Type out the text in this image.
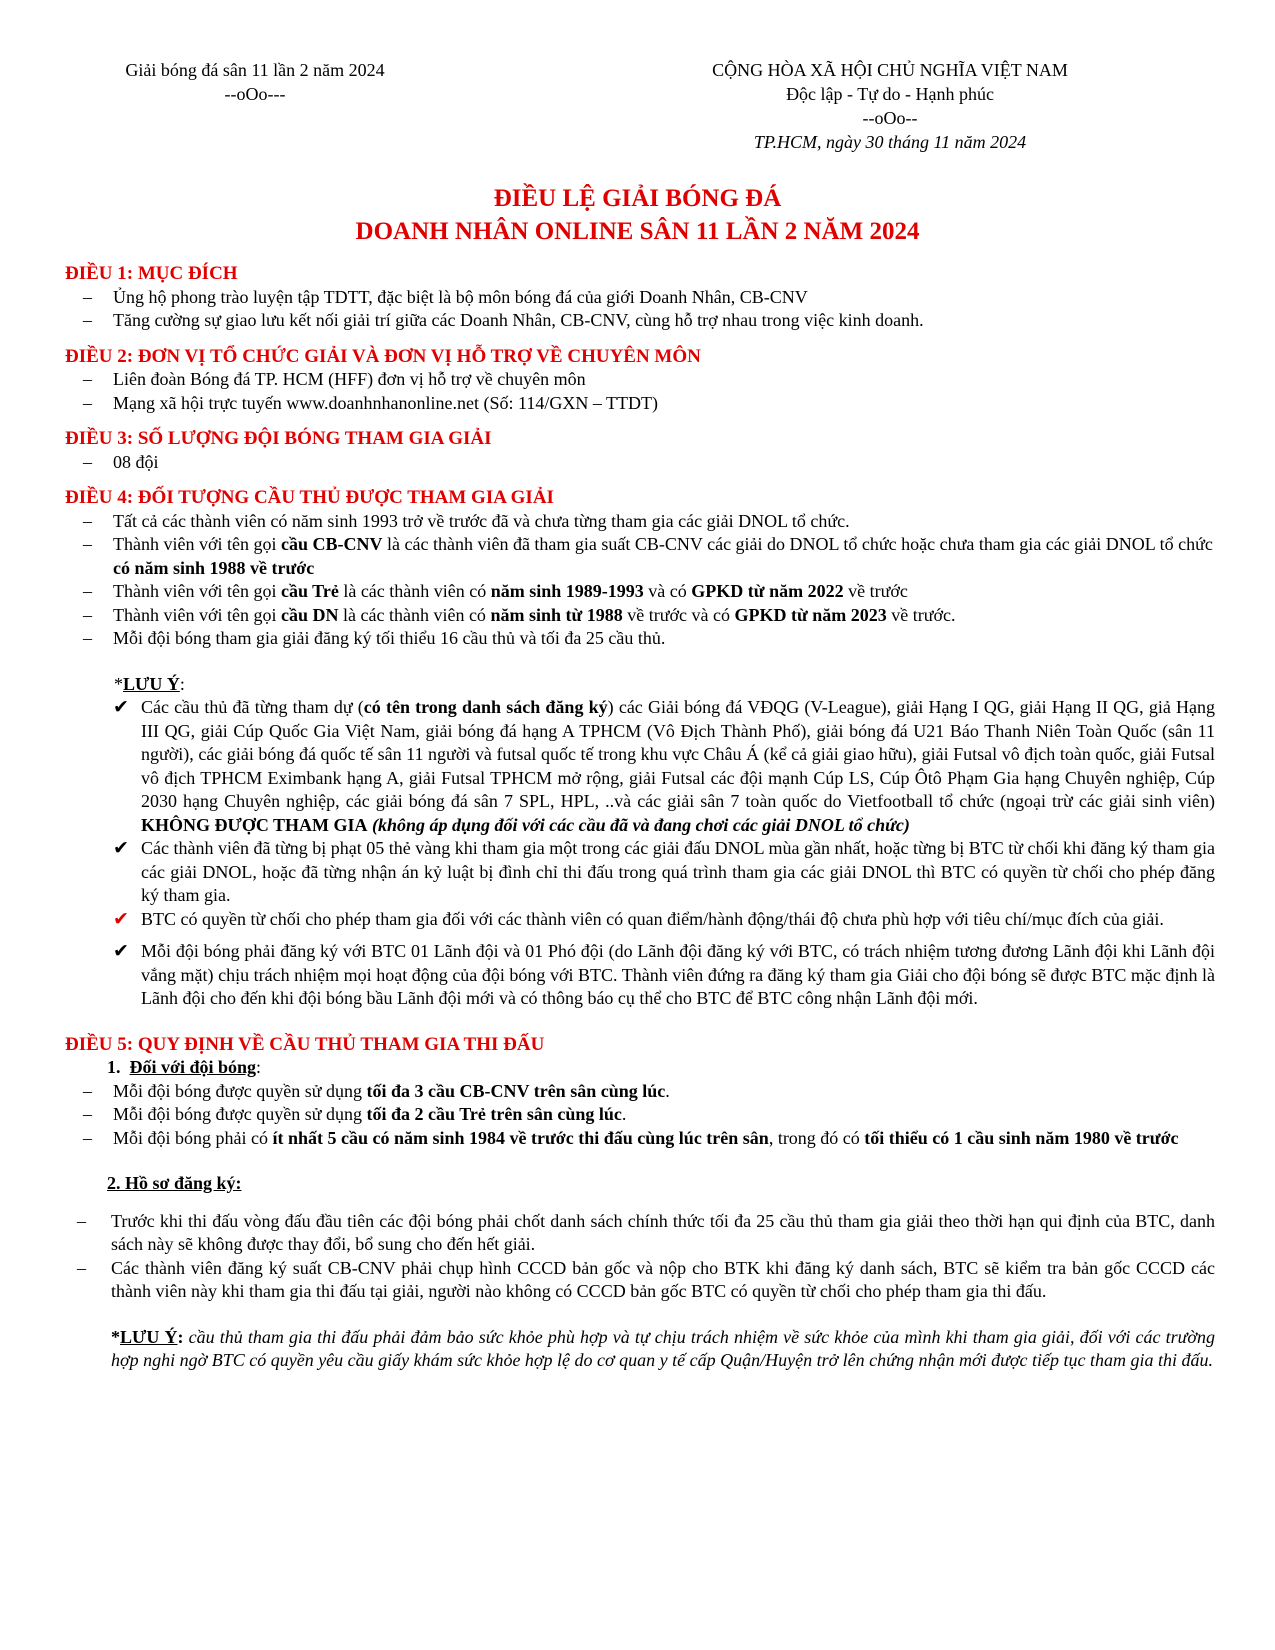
Giải bóng đá sân 11 lần 2 năm 2024
--oOo---
CỘNG HÒA XÃ HỘI CHỦ NGHĨA VIỆT NAM
Độc lập - Tự do - Hạnh phúc
--oOo--
TP.HCM, ngày 30 tháng 11 năm 2024
ĐIỀU LỆ GIẢI BÓNG ĐÁ
DOANH NHÂN ONLINE SÂN 11 LẦN 2 NĂM 2024
ĐIỀU 1: MỤC ĐÍCH
– Ủng hộ phong trào luyện tập TDTT, đặc biệt là bộ môn bóng đá của giới Doanh Nhân, CB-CNV
– Tăng cường sự giao lưu kết nối giải trí giữa các Doanh Nhân, CB-CNV, cùng hỗ trợ nhau trong việc kinh doanh.
ĐIỀU 2: ĐƠN VỊ TỔ CHỨC GIẢI VÀ ĐƠN VỊ HỖ TRỢ VỀ CHUYÊN MÔN
– Liên đoàn Bóng đá TP. HCM (HFF) đơn vị hỗ trợ về chuyên môn
– Mạng xã hội trực tuyến www.doanhnhanonline.net (Số: 114/GXN – TTDT)
ĐIỀU 3: SỐ LƯỢNG ĐỘI BÓNG THAM GIA GIẢI
– 08 đội
ĐIỀU 4: ĐỐI TƯỢNG CẦU THỦ ĐƯỢC THAM GIA GIẢI
– Tất cả các thành viên có năm sinh 1993 trở về trước đã và chưa từng tham gia các giải DNOL tổ chức.
– Thành viên với tên gọi cầu CB-CNV là các thành viên đã tham gia suất CB-CNV các giải do DNOL tổ chức hoặc chưa tham gia các giải DNOL tổ chức có năm sinh 1988 về trước
– Thành viên với tên gọi cầu Trẻ là các thành viên có năm sinh 1989-1993 và có GPKD từ năm 2022 về trước
– Thành viên với tên gọi cầu DN là các thành viên có năm sinh từ 1988 về trước và có GPKD từ năm 2023 về trước.
– Mỗi đội bóng tham gia giải đăng ký tối thiểu 16 cầu thủ và tối đa 25 cầu thủ.
*LƯU Ý:
✔ Các cầu thủ đã từng tham dự (có tên trong danh sách đăng ký) các Giải bóng đá VĐQG (V-League), giải Hạng I QG, giải Hạng II QG, giả Hạng III QG, giải Cúp Quốc Gia Việt Nam, giải bóng đá hạng A TPHCM (Vô Địch Thành Phố), giải bóng đá U21 Báo Thanh Niên Toàn Quốc (sân 11 người), các giải bóng đá quốc tế sân 11 người và futsal quốc tế trong khu vực Châu Á (kể cả giải giao hữu), giải Futsal vô địch toàn quốc, giải Futsal vô địch TPHCM Eximbank hạng A, giải Futsal TPHCM mở rộng, giải Futsal các đội mạnh Cúp LS, Cúp Ôtô Phạm Gia hạng Chuyên nghiệp, Cúp 2030 hạng Chuyên nghiệp, các giải bóng đá sân 7 SPL, HPL, ..và các giải sân 7 toàn quốc do Vietfootball tổ chức (ngoại trừ các giải sinh viên) KHÔNG ĐƯỢC THAM GIA (không áp dụng đối với các cầu đã và đang chơi các giải DNOL tổ chức)
✔ Các thành viên đã từng bị phạt 05 thẻ vàng khi tham gia một trong các giải đấu DNOL mùa gần nhất, hoặc từng bị BTC từ chối khi đăng ký tham gia các giải DNOL, hoặc đã từng nhận án kỷ luật bị đình chỉ thi đấu trong quá trình tham gia các giải DNOL thì BTC có quyền từ chối cho phép đăng ký tham gia.
✔ BTC có quyền từ chối cho phép tham gia đối với các thành viên có quan điểm/hành động/thái độ chưa phù hợp với tiêu chí/mục đích của giải.
✔ Mỗi đội bóng phải đăng ký với BTC 01 Lãnh đội và 01 Phó đội (do Lãnh đội đăng ký với BTC, có trách nhiệm tương đương Lãnh đội khi Lãnh đội vắng mặt) chịu trách nhiệm mọi hoạt động của đội bóng với BTC. Thành viên đứng ra đăng ký tham gia Giải cho đội bóng sẽ được BTC mặc định là Lãnh đội cho đến khi đội bóng bầu Lãnh đội mới và có thông báo cụ thể cho BTC để BTC công nhận Lãnh đội mới.
ĐIỀU 5: QUY ĐỊNH VỀ CẦU THỦ THAM GIA THI ĐẤU
1. Đối với đội bóng:
– Mỗi đội bóng được quyền sử dụng tối đa 3 cầu CB-CNV trên sân cùng lúc.
– Mỗi đội bóng được quyền sử dụng tối đa 2 cầu Trẻ trên sân cùng lúc.
– Mỗi đội bóng phải có ít nhất 5 cầu có năm sinh 1984 về trước thi đấu cùng lúc trên sân, trong đó có tối thiểu có 1 cầu sinh năm 1980 về trước
2. Hồ sơ đăng ký:
– Trước khi thi đấu vòng đấu đầu tiên các đội bóng phải chốt danh sách chính thức tối đa 25 cầu thủ tham gia giải theo thời hạn qui định của BTC, danh sách này sẽ không được thay đổi, bổ sung cho đến hết giải.
– Các thành viên đăng ký suất CB-CNV phải chụp hình CCCD bản gốc và nộp cho BTK khi đăng ký danh sách, BTC sẽ kiểm tra bản gốc CCCD các thành viên này khi tham gia thi đấu tại giải, người nào không có CCCD bản gốc BTC có quyền từ chối cho phép tham gia thi đấu.
*LƯU Ý: cầu thủ tham gia thi đấu phải đảm bảo sức khỏe phù hợp và tự chịu trách nhiệm về sức khỏe của mình khi tham gia giải, đối với các trường hợp nghi ngờ BTC có quyền yêu cầu giấy khám sức khỏe hợp lệ do cơ quan y tế cấp Quận/Huyện trở lên chứng nhận mới được tiếp tục tham gia thi đấu.
